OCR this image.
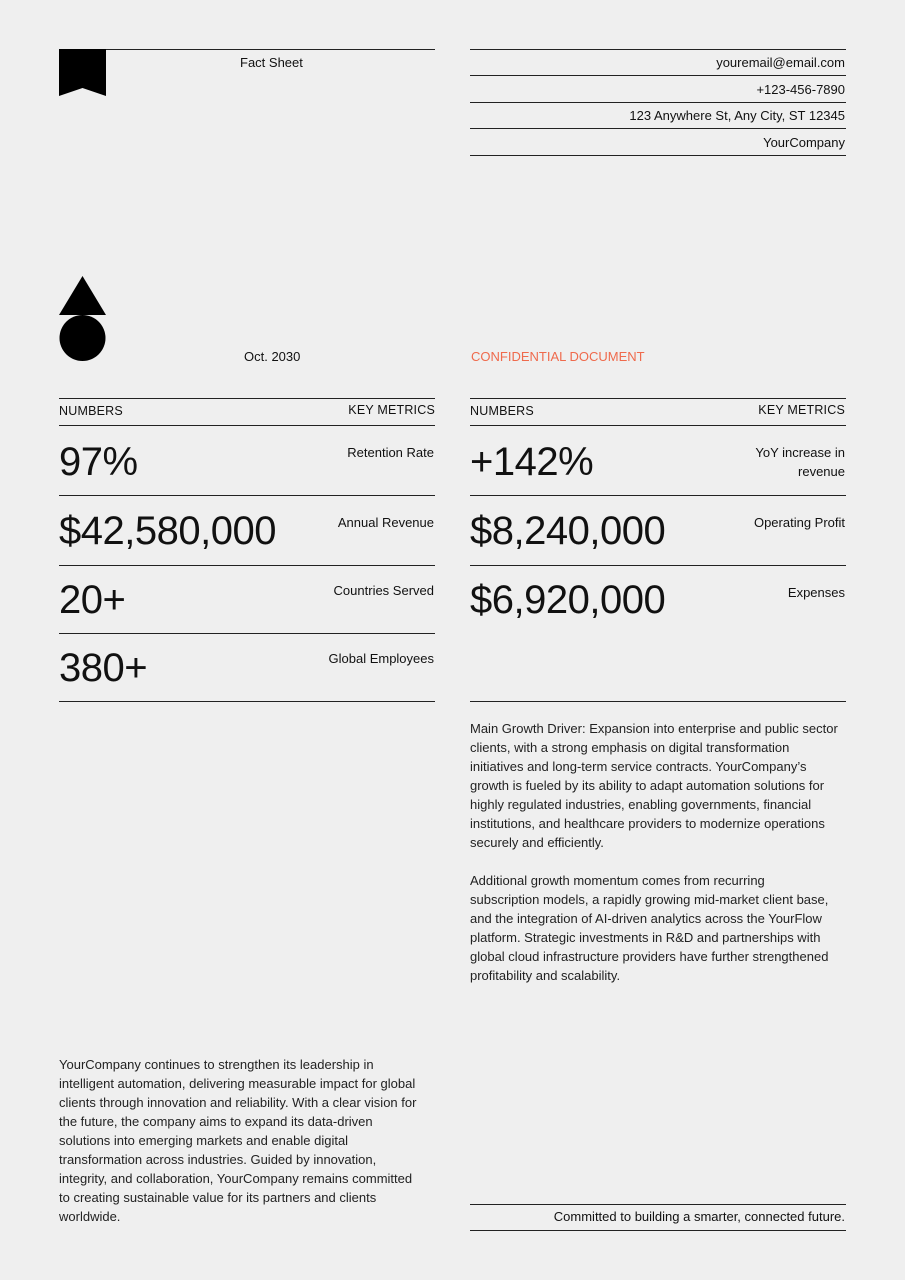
Fact Sheet	youremail@email.com
+123-456-7890
123 Anywhere St, Any City, ST 12345
YourCompany
Oct. 2030	CONFIDENTIAL DOCUMENT
NUMBERS	KEY METRICS
97%	Retention Rate
$42,580,000	Annual Revenue
20+	Countries Served
380+	Global Employees
NUMBERS	KEY METRICS
+142%	YoY increase in
revenue
$8,240,000	Operating Profit
$6,920,000	Expenses
Main Growth Driver: Expansion into enterprise and public sector
clients, with a strong emphasis on digital transformation
initiatives and long-term service contracts. YourCompany’s
growth is fueled by its ability to adapt automation solutions for
highly regulated industries, enabling governments, financial
institutions, and healthcare providers to modernize operations
securely and efficiently.
Additional growth momentum comes from recurring
subscription models, a rapidly growing mid-market client base,
and the integration of AI-driven analytics across the YourFlow
platform. Strategic investments in R&D and partnerships with
global cloud infrastructure providers have further strengthened
profitability and scalability.
YourCompany continues to strengthen its leadership in
intelligent automation, delivering measurable impact for global
clients through innovation and reliability. With a clear vision for
the future, the company aims to expand its data-driven
solutions into emerging markets and enable digital
transformation across industries. Guided by innovation,
integrity, and collaboration, YourCompany remains committed
to creating sustainable value for its partners and clients
worldwide.	Committed to building a smarter, connected future.
